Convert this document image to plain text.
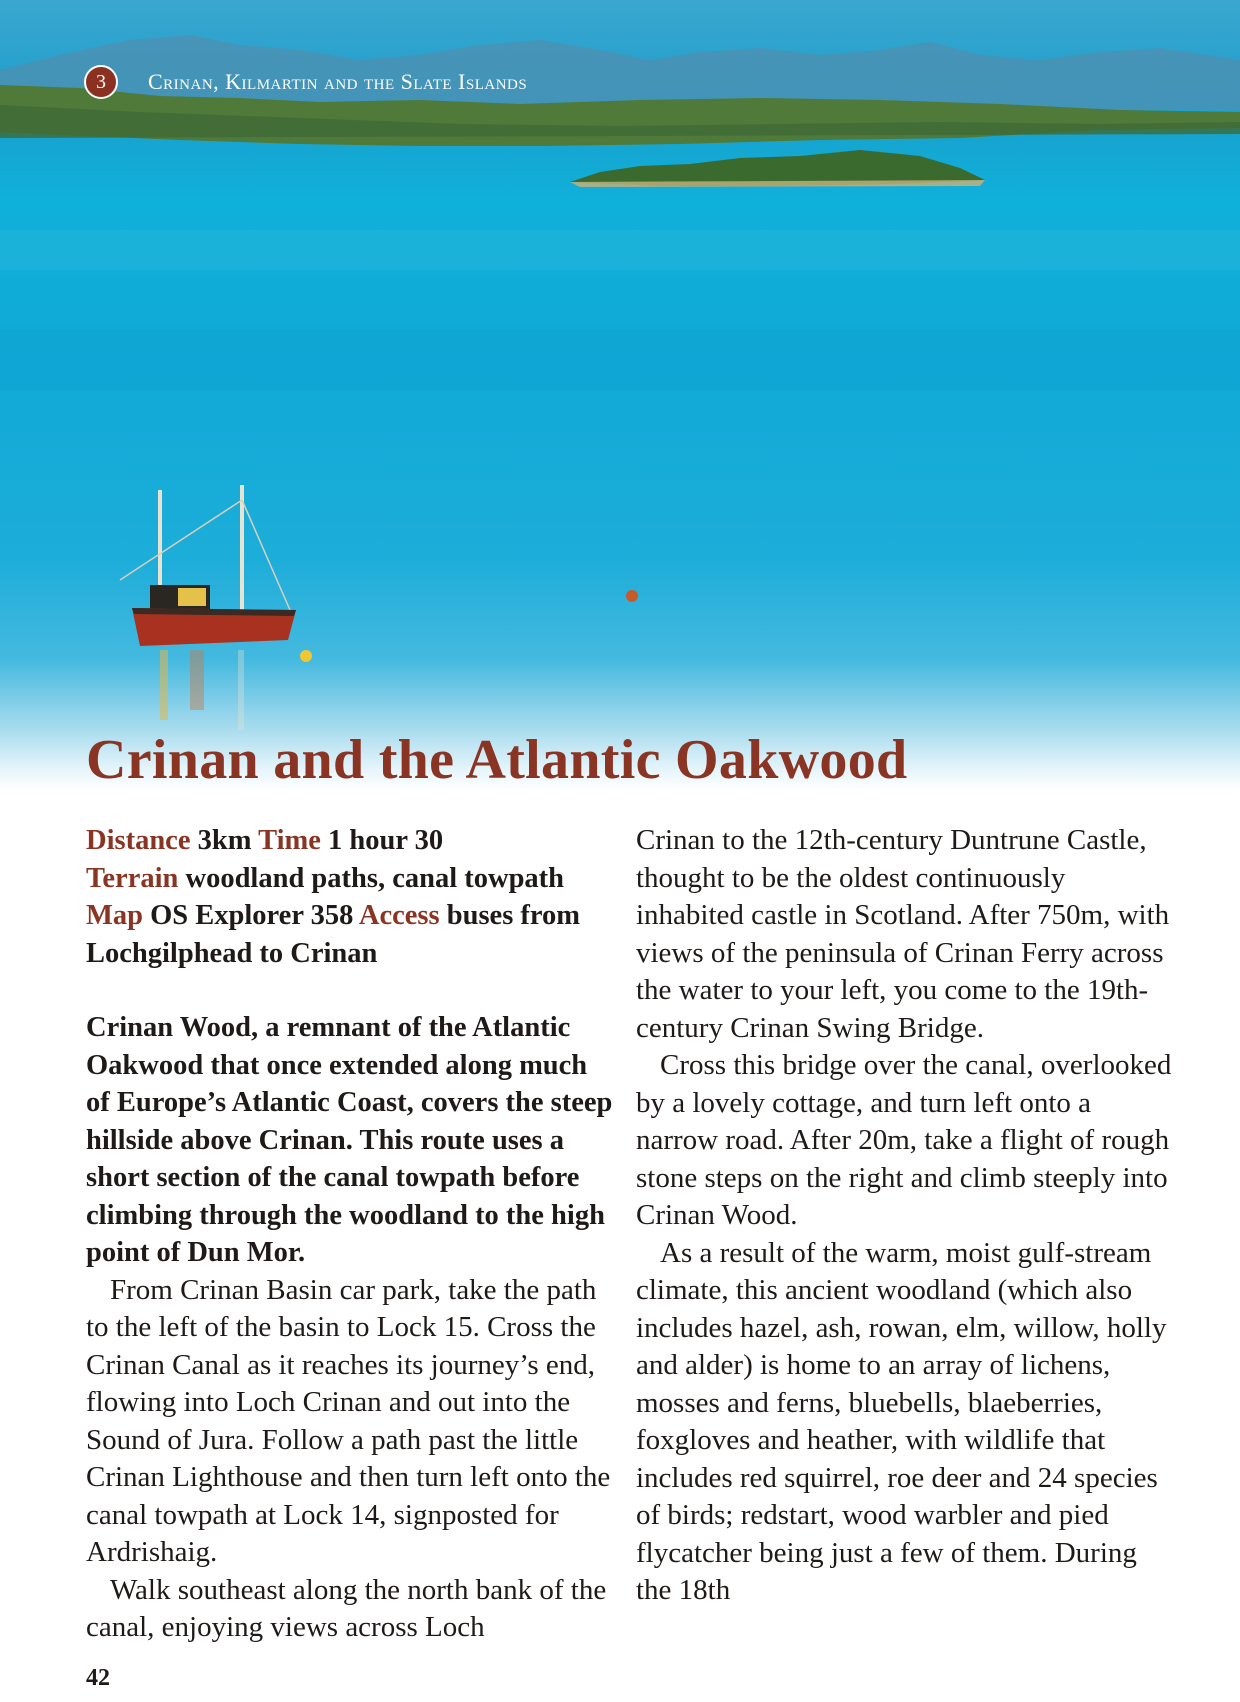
3	Crinan, Kilmartin and the Slate Islands
Crinan and the Atlantic Oakwood

Distance 3km Time 1 hour 30
Terrain woodland paths, canal towpath
Map OS Explorer 358 Access buses from Lochgilphead to Crinan

Crinan Wood, a remnant of the Atlantic Oakwood that once extended along much of Europe’s Atlantic Coast, covers the steep hillside above Crinan. This route uses a short section of the canal towpath before climbing through the woodland to the high point of Dun Mor.

From Crinan Basin car park, take the path to the left of the basin to Lock 15. Cross the Crinan Canal as it reaches its journey’s end, flowing into Loch Crinan and out into the Sound of Jura. Follow a path past the little Crinan Lighthouse and then turn left onto the canal towpath at Lock 14, signposted for Ardrishaig.

Walk southeast along the north bank of the canal, enjoying views across Loch

Crinan to the 12th-century Duntrune Castle, thought to be the oldest continuously inhabited castle in Scotland. After 750m, with views of the peninsula of Crinan Ferry across the water to your left, you come to the 19th-century Crinan Swing Bridge.

Cross this bridge over the canal, overlooked by a lovely cottage, and turn left onto a narrow road. After 20m, take a flight of rough stone steps on the right and climb steeply into Crinan Wood.

As a result of the warm, moist gulf-stream climate, this ancient woodland (which also includes hazel, ash, rowan, elm, willow, holly and alder) is home to an array of lichens, mosses and ferns, bluebells, blaeberries, foxgloves and heather, with wildlife that includes red squirrel, roe deer and 24 species of birds; redstart, wood warbler and pied flycatcher being just a few of them. During the 18th

42
